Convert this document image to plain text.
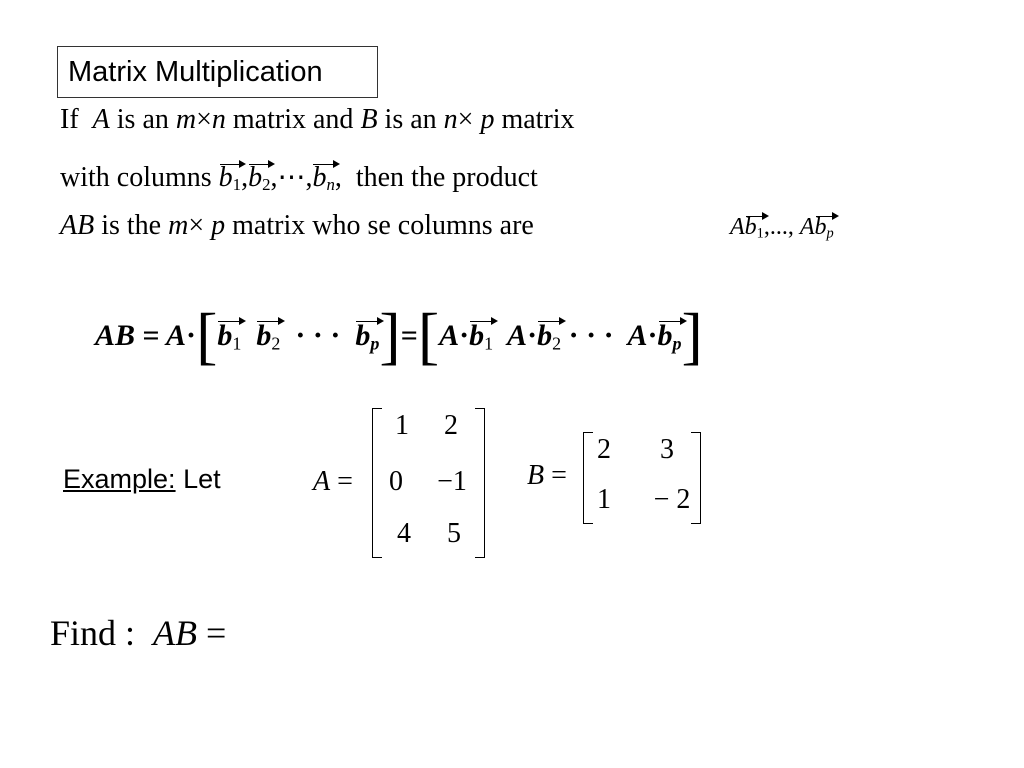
Matrix Multiplication
If A is an m×n matrix and B is an n× p matrix
with columns $b_1,b_2,\cdots,b_n$, then the product
AB is the m× p matrix who se columns are	$Ab_1$,..., $Ab_p$
AB = $A\cdot[b_1$ $b_2$ · · · $b_p]=[A\cdot b_1$ $A\cdot b_2$ · · · $A\cdot b_p$]
Example: Let	A =
1	2
0	−1
4	5
B =
2	3
1	− 2
Find : AB =
